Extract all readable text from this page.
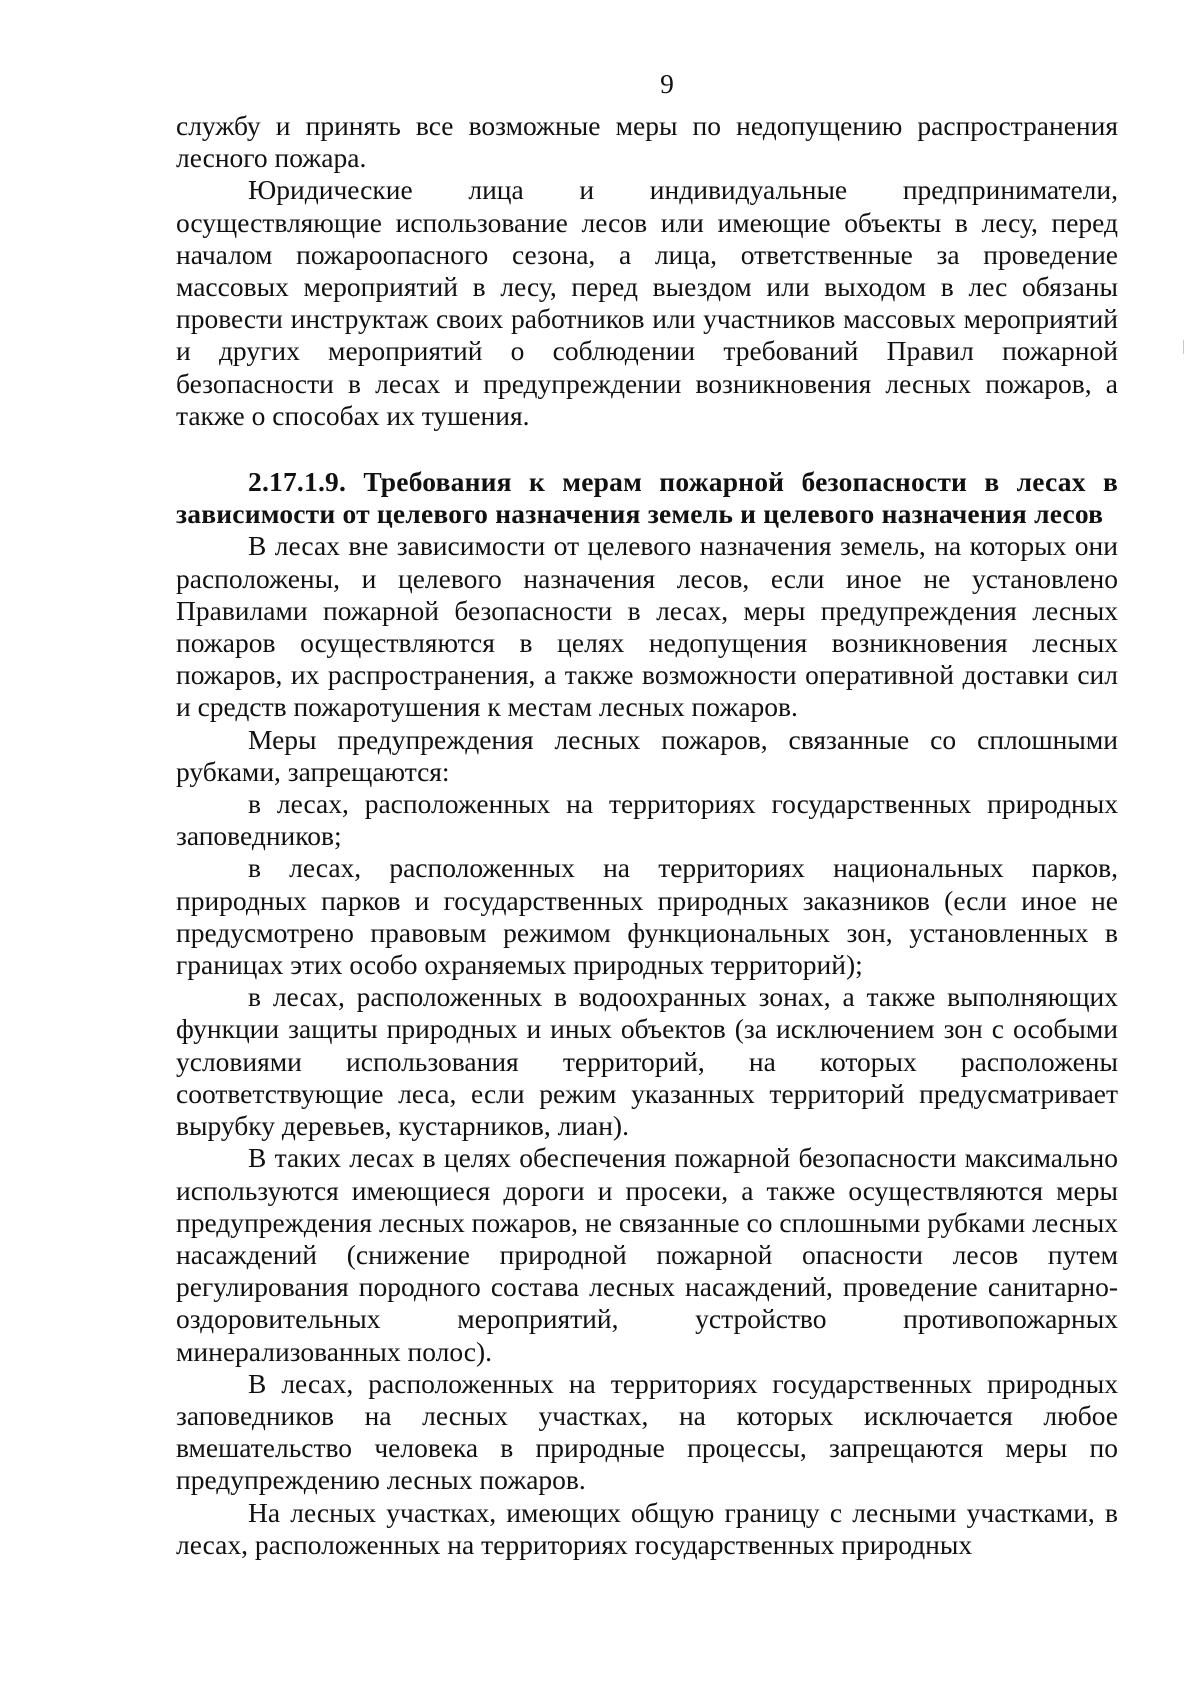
9

службу и принять все возможные меры по недопущению распространения лесного пожара.

Юридические лица и индивидуальные предприниматели, осуществляющие использование лесов или имеющие объекты в лесу, перед началом пожароопасного сезона, а лица, ответственные за проведение массовых мероприятий в лесу, перед выездом или выходом в лес обязаны провести инструктаж своих работников или участников массовых мероприятий и других мероприятий о соблюдении требований Правил пожарной безопасности в лесах и предупреждении возникновения лесных пожаров, а также о способах их тушения.

2.17.1.9. Требования к мерам пожарной безопасности в лесах в зависимости от целевого назначения земель и целевого назначения лесов

В лесах вне зависимости от целевого назначения земель, на которых они расположены, и целевого назначения лесов, если иное не установлено Правилами пожарной безопасности в лесах, меры предупреждения лесных пожаров осуществляются в целях недопущения возникновения лесных пожаров, их распространения, а также возможности оперативной доставки сил и средств пожаротушения к местам лесных пожаров.

Меры предупреждения лесных пожаров, связанные со сплошными рубками, запрещаются:

в лесах, расположенных на территориях государственных природных заповедников;

в лесах, расположенных на территориях национальных парков, природных парков и государственных природных заказников (если иное не предусмотрено правовым режимом функциональных зон, установленных в границах этих особо охраняемых природных территорий);

в лесах, расположенных в водоохранных зонах, а также выполняющих функции защиты природных и иных объектов (за исключением зон с особыми условиями использования территорий, на которых расположены соответствующие леса, если режим указанных территорий предусматривает вырубку деревьев, кустарников, лиан).

В таких лесах в целях обеспечения пожарной безопасности максимально используются имеющиеся дороги и просеки, а также осуществляются меры предупреждения лесных пожаров, не связанные со сплошными рубками лесных насаждений (снижение природной пожарной опасности лесов путем регулирования породного состава лесных насаждений, проведение санитарно-оздоровительных мероприятий, устройство противопожарных минерализованных полос).

В лесах, расположенных на территориях государственных природных заповедников на лесных участках, на которых исключается любое вмешательство человека в природные процессы, запрещаются меры по предупреждению лесных пожаров.

На лесных участках, имеющих общую границу с лесными участками, в лесах, расположенных на территориях государственных природных
